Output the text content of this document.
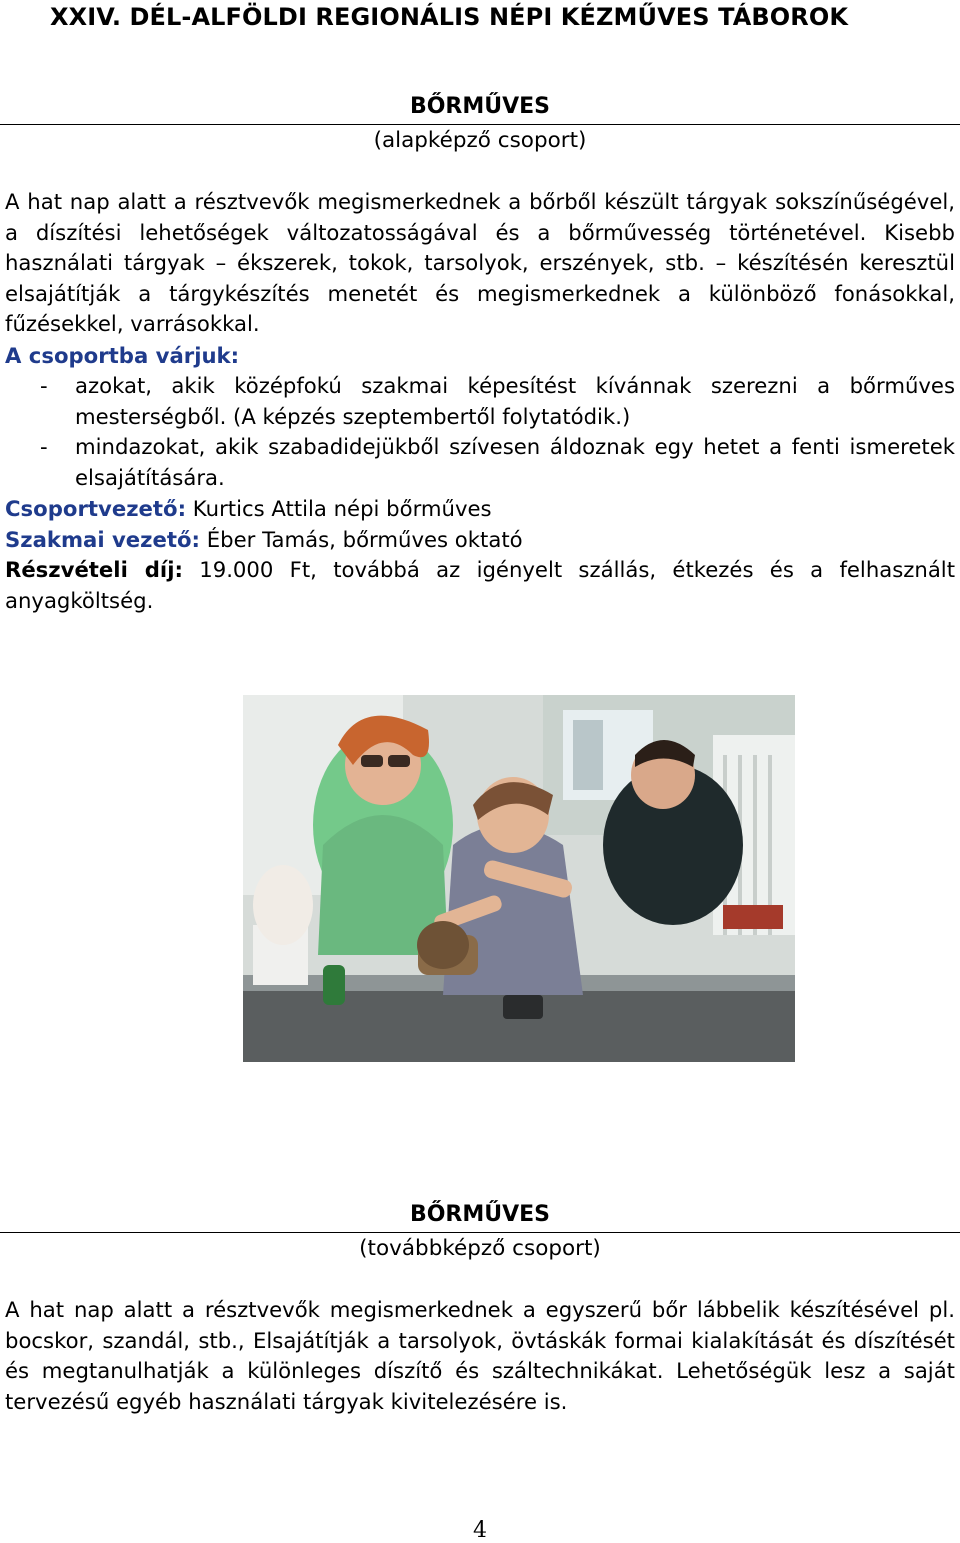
XXIV. DÉL-ALFÖLDI REGIONÁLIS NÉPI KÉZMŰVES TÁBOROK
BŐRMŰVES
(alapképző csoport)
A hat nap alatt a résztvevők megismerkednek a bőrből készült tárgyak sokszínűségével, a díszítési lehetőségek változatosságával és a bőrművesség történetével. Kisebb használati tárgyak – ékszerek, tokok, tarsolyok, erszények, stb. – készítésén keresztül elsajátítják a tárgykészítés menetét és megismerkednek a különböző fonásokkal, fűzésekkel, varrásokkal.
A csoportba várjuk:
- azokat, akik középfokú szakmai képesítést kívánnak szerezni a bőrműves mesterségből. (A képzés szeptembertől folytatódik.)
- mindazokat, akik szabadidejükből szívesen áldoznak egy hetet a fenti ismeretek elsajátítására.
Csoportvezető: Kurtics Attila népi bőrműves
Szakmai vezető: Éber Tamás, bőrműves oktató
Részvételi díj: 19.000 Ft, továbbá az igényelt szállás, étkezés és a felhasznált anyagköltség.
BŐRMŰVES
(továbbképző csoport)
A hat nap alatt a résztvevők megismerkednek a egyszerű bőr lábbelik készítésével pl. bocskor, szandál, stb., Elsajátítják a tarsolyok, övtáskák formai kialakítását és díszítését és megtanulhatják a különleges díszítő és száltechnikákat. Lehetőségük lesz a saját tervezésű egyéb használati tárgyak kivitelezésére is.
4
